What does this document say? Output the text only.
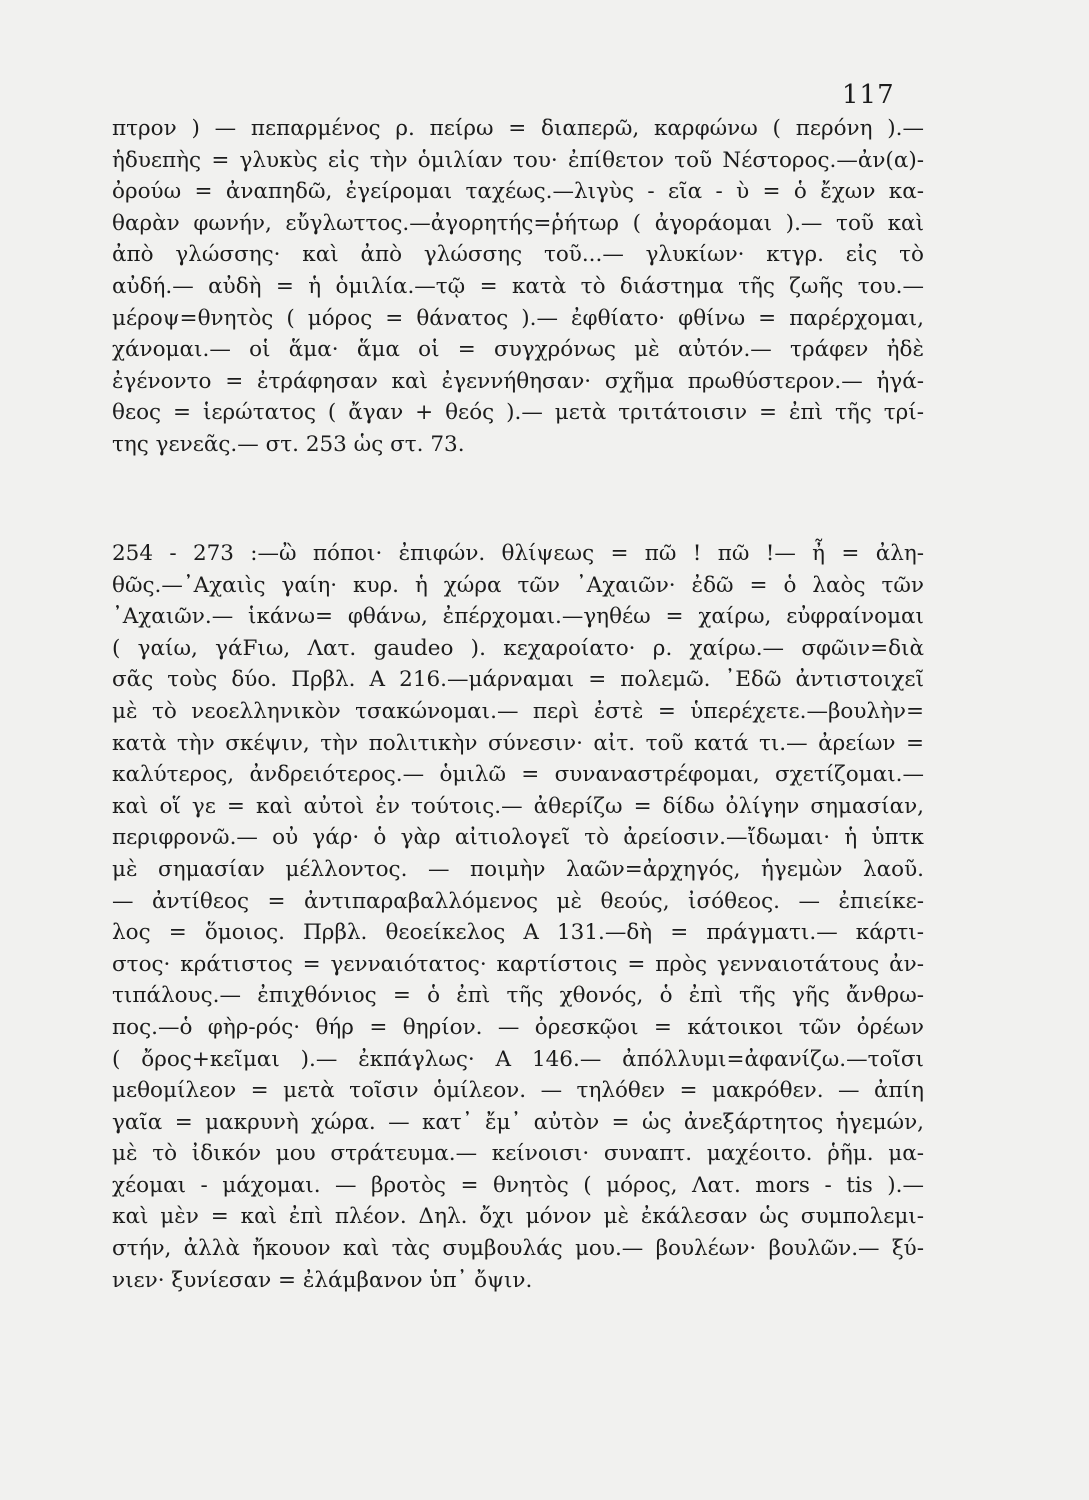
117
πτρον ) — πεπαρμένος ρ. πείρω = διαπερῶ, καρφώνω ( περόνη ).—
ἡδυεπὴς = γλυκὺς εἰς τὴν ὁμιλίαν του· ἐπίθετον τοῦ Νέστορος.—ἀν(α)-
ὀρούω = ἀναπηδῶ, ἐγείρομαι ταχέως.—λιγὺς - εῖα - ὺ = ὁ ἔχων κα-
θαρὰν φωνήν, εὔγλωττος.—ἀγορητής=ῥήτωρ ( ἀγοράομαι ).— τοῦ καὶ
ἀπὸ γλώσσης· καὶ ἀπὸ γλώσσης τοῦ...— γλυκίων· κτγρ. εἰς τὸ
αὐδή.— αὐδὴ = ἡ ὁμιλία.—τῷ = κατὰ τὸ διάστημα τῆς ζωῆς του.—
μέροψ=θνητὸς ( μόρος = θάνατος ).— ἐφθίατο· φθίνω = παρέρχομαι,
χάνομαι.— οἱ ἅμα· ἅμα οἱ = συγχρόνως μὲ αὐτόν.— τράφεν ἠδὲ
ἐγένοντο = ἐτράφησαν καὶ ἐγεννήθησαν· σχῆμα πρωθύστερον.— ἠγά-
θεος = ἱερώτατος ( ἄγαν + θεός ).— μετὰ τριτάτοισιν = ἐπὶ τῆς τρί-
της γενεᾶς.— στ. 253 ὡς στ. 73.
254 - 273 :—ὢ πόποι· ἐπιφών. θλίψεως = πῶ ! πῶ !— ἦ = ἀλη-
θῶς.—᾿Αχαιὶς γαίη· κυρ. ἡ χώρα τῶν ᾿Αχαιῶν· ἐδῶ = ὁ λαὸς τῶν
᾿Αχαιῶν.— ἱκάνω= φθάνω, ἐπέρχομαι.—γηθέω = χαίρω, εὐφραίνομαι
( γαίω, γάFιω, Λατ. gaudeo ). κεχαροίατο· ρ. χαίρω.— σφῶιν=διὰ
σᾶς τοὺς δύο. Πρβλ. Α 216.—μάρναμαι = πολεμῶ. ᾿Εδῶ ἀντιστοιχεῖ
μὲ τὸ νεοελληνικὸν τσακώνομαι.— περὶ ἐστὲ = ὑπερέχετε.—βουλὴν=
κατὰ τὴν σκέψιν, τὴν πολιτικὴν σύνεσιν· αἰτ. τοῦ κατά τι.— ἀρείων =
καλύτερος, ἀνδρειότερος.— ὁμιλῶ = συναναστρέφομαι, σχετίζομαι.—
καὶ οἵ γε = καὶ αὐτοὶ ἐν τούτοις.— ἀθερίζω = δίδω ὀλίγην σημασίαν,
περιφρονῶ.— οὐ γάρ· ὁ γὰρ αἰτιολογεῖ τὸ ἀρείοσιν.—ἴδωμαι· ἡ ὑπτκ
μὲ σημασίαν μέλλοντος. — ποιμὴν λαῶν=ἀρχηγός, ἡγεμὼν λαοῦ.
— ἀντίθεος = ἀντιπαραβαλλόμενος μὲ θεούς, ἰσόθεος. — ἐπιείκε-
λος = ὅμοιος. Πρβλ. θεοείκελος Α 131.—δὴ = πράγματι.— κάρτι-
στος· κράτιστος = γενναιότατος· καρτίστοις = πρὸς γενναιοτάτους ἀν-
τιπάλους.— ἐπιχθόνιος = ὁ ἐπὶ τῆς χθονός, ὁ ἐπὶ τῆς γῆς ἄνθρω-
πος.—ὁ φὴρ-ρός· θήρ = θηρίον. — ὀρεσκῷοι = κάτοικοι τῶν ὀρέων
( ὄρος+κεῖμαι ).— ἐκπάγλως· Α 146.— ἀπόλλυμι=ἀφανίζω.—τοῖσι
μεθομίλεον = μετὰ τοῖσιν ὁμίλεον. — τηλόθεν = μακρόθεν. — ἀπίη
γαῖα = μακρυνὴ χώρα. — κατ᾿ ἔμ᾿ αὐτὸν = ὡς ἀνεξάρτητος ἡγεμών,
μὲ τὸ ἰδικόν μου στράτευμα.— κείνοισι· συναπτ. μαχέοιτο. ῥῆμ. μα-
χέομαι - μάχομαι. — βροτὸς = θνητὸς ( μόρος, Λατ. mors - tis ).—
καὶ μὲν = καὶ ἐπὶ πλέον. Δηλ. ὄχι μόνον μὲ ἐκάλεσαν ὡς συμπολεμι-
στήν, ἀλλὰ ἤκουον καὶ τὰς συμβουλάς μου.— βουλέων· βουλῶν.— ξύ-
νιεν· ξυνίεσαν = ἐλάμβανον ὑπ᾿ ὄψιν.
